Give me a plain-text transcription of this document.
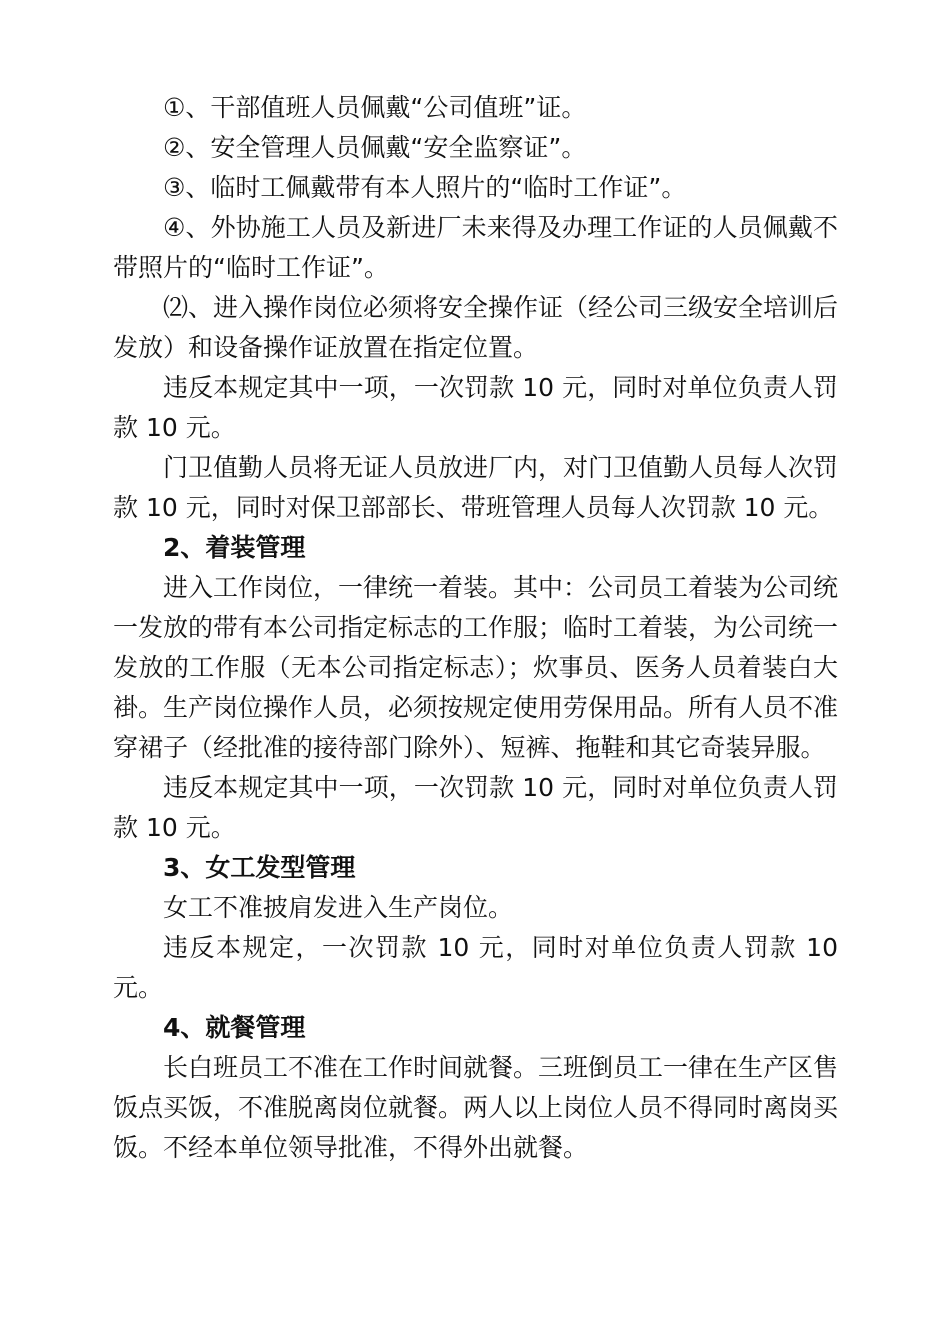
①、干部值班人员佩戴“公司值班”证。

②、安全管理人员佩戴“安全监察证”。

③、临时工佩戴带有本人照片的“临时工作证”。

④、外协施工人员及新进厂未来得及办理工作证的人员佩戴不带照片的“临时工作证”。

⑵、进入操作岗位必须将安全操作证（经公司三级安全培训后发放）和设备操作证放置在指定位置。

违反本规定其中一项，一次罚款 10 元，同时对单位负责人罚款 10 元。

门卫值勤人员将无证人员放进厂内，对门卫值勤人员每人次罚款 10 元，同时对保卫部部长、带班管理人员每人次罚款 10 元。

2、着装管理

进入工作岗位，一律统一着装。其中：公司员工着装为公司统一发放的带有本公司指定标志的工作服；临时工着装，为公司统一发放的工作服（无本公司指定标志）；炊事员、医务人员着装白大褂。生产岗位操作人员，必须按规定使用劳保用品。所有人员不准穿裙子（经批准的接待部门除外）、短裤、拖鞋和其它奇装异服。

违反本规定其中一项，一次罚款 10 元，同时对单位负责人罚款 10 元。

3、女工发型管理

女工不准披肩发进入生产岗位。

违反本规定，一次罚款 10 元，同时对单位负责人罚款 10 元。

4、就餐管理

长白班员工不准在工作时间就餐。三班倒员工一律在生产区售饭点买饭，不准脱离岗位就餐。两人以上岗位人员不得同时离岗买饭。不经本单位领导批准，不得外出就餐。
